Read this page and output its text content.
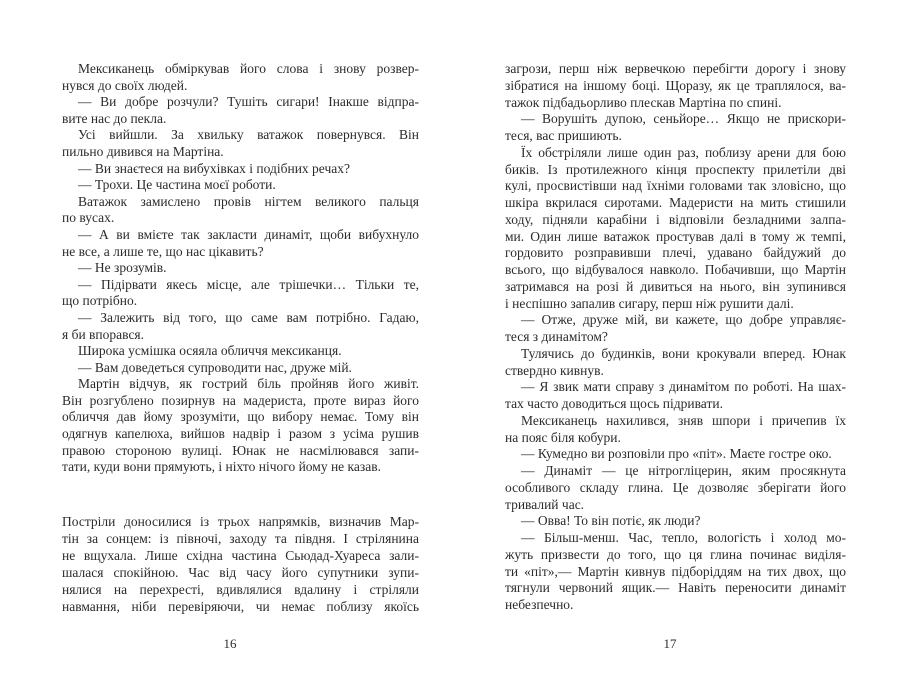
Мексиканець обміркував його слова і знову розвер-
нувся до своїх людей.
— Ви добре розчули? Тушіть сигари! Інакше відпра-
вите нас до пекла.
Усі вийшли. За хвильку ватажок повернувся. Він
пильно дивився на Мартіна.
— Ви знаєтеся на вибухівках і подібних речах?
— Трохи. Це частина моєї роботи.
Ватажок замислено провів нігтем великого пальця
по вусах.
— А ви вмієте так закласти динаміт, щоби вибухнуло
не все, а лише те, що нас цікавить?
— Не зрозумів.
— Підірвати якесь місце, але трішечки… Тільки те,
що потрібно.
— Залежить від того, що саме вам потрібно. Гадаю,
я би впорався.
Широка усмішка осяяла обличчя мексиканця.
— Вам доведеться супроводити нас, друже мій.
Мартін відчув, як гострий біль пройняв його живіт.
Він розгублено позирнув на мадериста, проте вираз його
обличчя дав йому зрозуміти, що вибору немає. Тому він
одягнув капелюха, вийшов надвір і разом з усіма рушив
правою стороною вулиці. Юнак не насмілювався запи-
тати, куди вони прямують, і ніхто нічого йому не казав.
Постріли доносилися із трьох напрямків, визначив Мар-
тін за сонцем: із півночі, заходу та півдня. І стрілянина
не вщухала. Лише східна частина Сьюдад-Хуареса зали-
шалася спокійною. Час від часу його супутники зупи-
нялися на перехресті, вдивлялися вдалину і стріляли
навмання, ніби перевіряючи, чи немає поблизу якоїсь
16
загрози, перш ніж вервечкою перебігти дорогу і знову
зібратися на іншому боці. Щоразу, як це траплялося, ва-
тажок підбадьорливо плескав Мартіна по спині.
— Ворушіть дупою, сеньйоре… Якщо не прискори-
теся, вас пришиють.
Їх обстріляли лише один раз, поблизу арени для бою
биків. Із протилежного кінця проспекту прилетіли дві
кулі, просвистівши над їхніми головами так зловісно, що
шкіра вкрилася сиротами. Мадеристи на мить стишили
ходу, підняли карабіни і відповіли безладними залпа-
ми. Один лише ватажок простував далі в тому ж темпі,
гордовито розправивши плечі, удавано байдужий до
всього, що відбувалося навколо. Побачивши, що Мартін
затримався на розі й дивиться на нього, він зупинився
і неспішно запалив сигару, перш ніж рушити далі.
— Отже, друже мій, ви кажете, що добре управляє-
теся з динамітом?
Тулячись до будинків, вони крокували вперед. Юнак
ствердно кивнув.
— Я звик мати справу з динамітом по роботі. На шах-
тах часто доводиться щось підривати.
Мексиканець нахилився, зняв шпори і причепив їх
на пояс біля кобури.
— Кумедно ви розповіли про «піт». Маєте гостре око.
— Динаміт — це нітрогліцерин, яким просякнута
особливого складу глина. Це дозволяє зберігати його
тривалий час.
— Овва! То він потіє, як люди?
— Більш-менш. Час, тепло, вологість і холод мо-
жуть призвести до того, що ця глина починає виділя-
ти «піт»,— Мартін кивнув підборіддям на тих двох, що
тягнули червоний ящик.— Навіть переносити динаміт
небезпечно.
17
